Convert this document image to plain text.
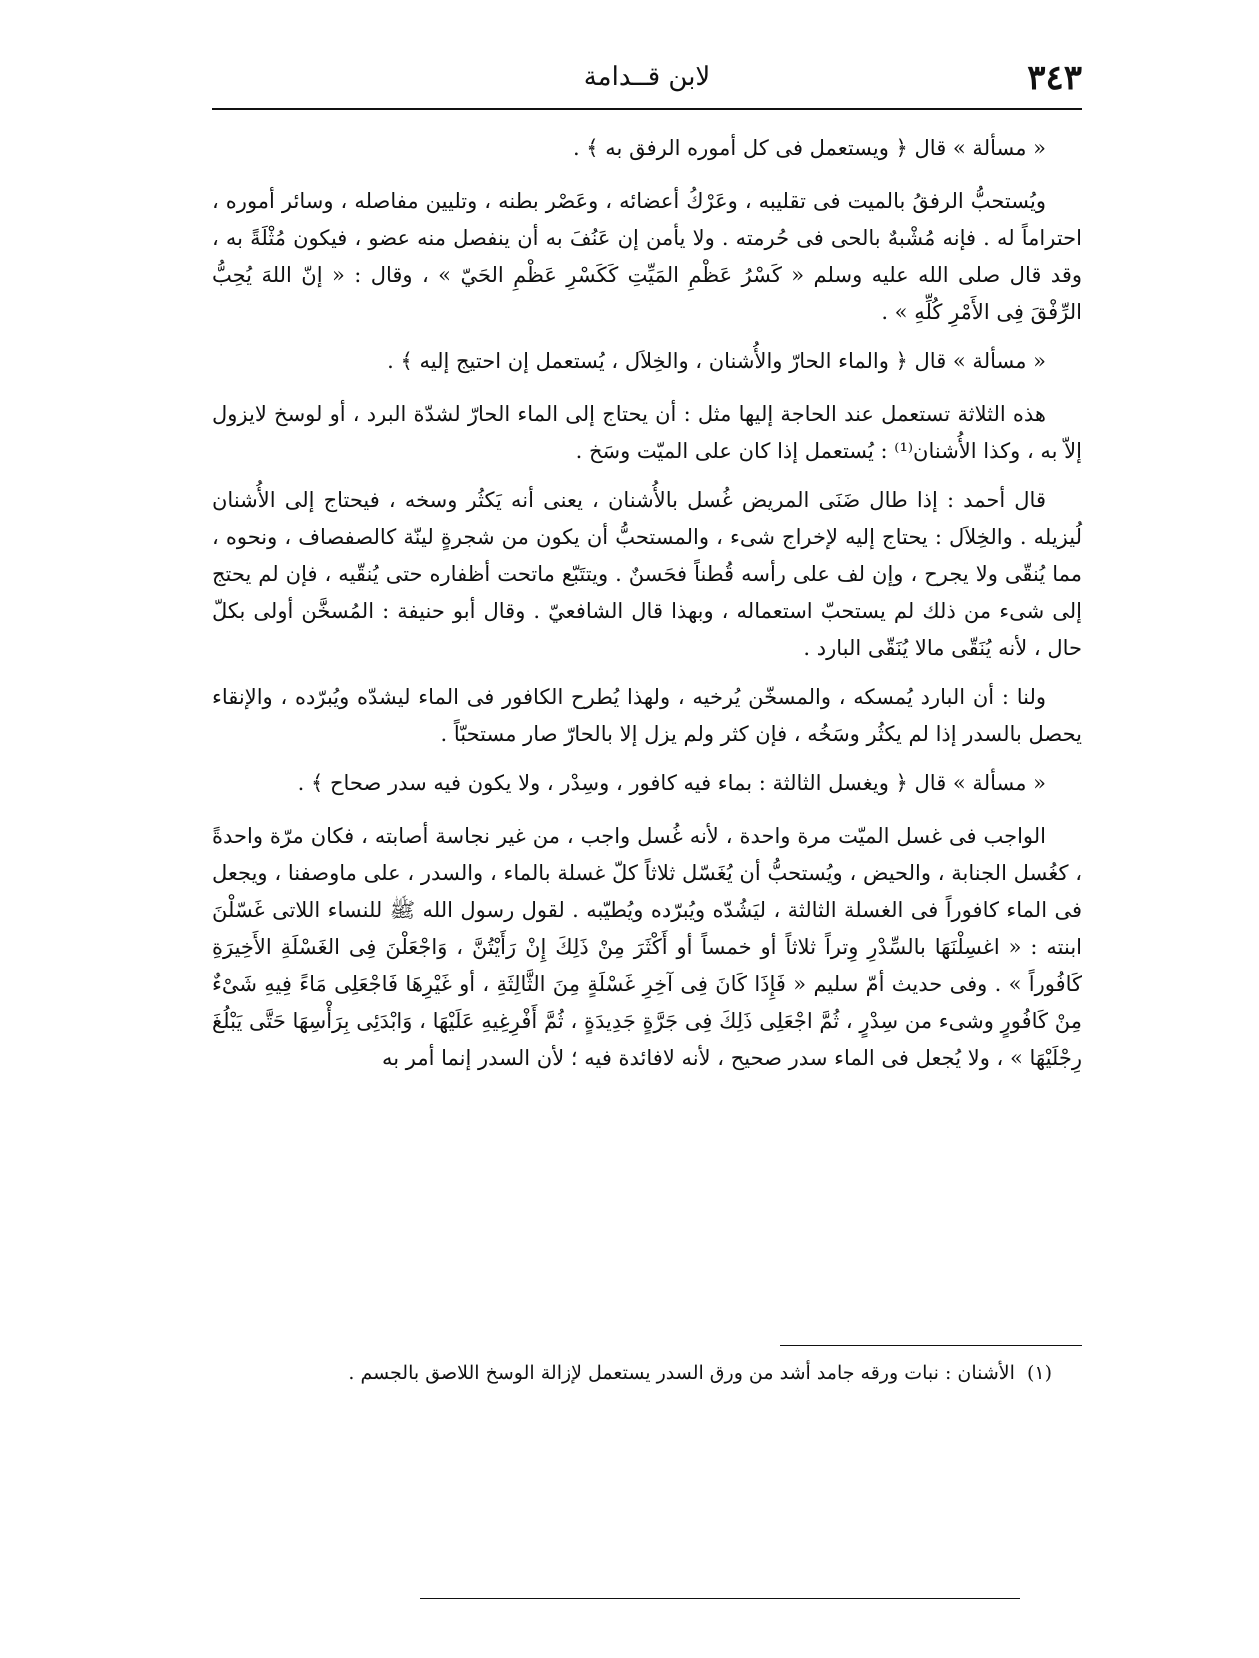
٣٤٣
لابن قــدامة

« مسألة » قال ﴿ ويستعمل فى كل أموره الرفق به ﴾ .

ويُستحبُّ الرفقُ بالميت فى تقليبه ، وعَرْكُ أعضائه ، وعَصْر بطنه ، وتليين مفاصله ، وسائر أموره ، احتراماً له . فإنه مُشْبهٌ بالحى فى حُرمته . ولا يأمن إن عَنُفَ به أن ينفصل منه عضو ، فيكون مُثْلَةً به ، وقد قال صلى الله عليه وسلم « كَسْرُ عَظْمِ المَيِّتِ كَكَسْرِ عَظْمِ الحَيّ » ، وقال : « إنّ اللهَ يُحِبُّ الرِّفْقَ فِى الأَمْرِ كُلِّهِ » .

« مسألة » قال ﴿ والماء الحارّ والأُشنان ، والخِلاَل ، يُستعمل إن احتيج إليه ﴾ .

هذه الثلاثة تستعمل عند الحاجة إليها مثل : أن يحتاج إلى الماء الحارّ لشدّة البرد ، أو لوسخ لايزول إلاّ به ، وكذا الأُشنان⁽¹⁾ : يُستعمل إذا كان على الميّت وسَخ .

قال أحمد : إذا طال ضَنَى المريض غُسل بالأُشنان ، يعنى أنه يَكثُر وسخه ، فيحتاج إلى الأُشنان لُيزيله . والخِلاَل : يحتاج إليه لإخراج شىء ، والمستحبُّ أن يكون من شجرةٍ لينّة كالصفصاف ، ونحوه ، مما يُنقّى ولا يجرح ، وإن لف على رأسه قُطناً فحَسنٌ . ويتتَبّع ماتحت أظفاره حتى يُنقّيه ، فإن لم يحتج إلى شىء من ذلك لم يستحبّ استعماله ، وبهذا قال الشافعيّ . وقال أبو حنيفة : المُسخَّن أولى بكلّ حال ، لأنه يُنَقّى مالا يُنَقّى البارد .

ولنا : أن البارد يُمسكه ، والمسخّن يُرخيه ، ولهذا يُطرح الكافور فى الماء ليشدّه ويُبرّده ، والإنقاء يحصل بالسدر إذا لم يكثُر وسَخُه ، فإن كثر ولم يزل إلا بالحارّ صار مستحبّاً .

« مسألة » قال ﴿ ويغسل الثالثة : بماء فيه كافور ، وسِدْر ، ولا يكون فيه سدر صحاح ﴾ .

الواجب فى غسل الميّت مرة واحدة ، لأنه غُسل واجب ، من غير نجاسة أصابته ، فكان مرّة واحدةً ، كغُسل الجنابة ، والحيض ، ويُستحبُّ أن يُغَسّل ثلاثاً كلّ غسلة بالماء ، والسدر ، على ماوصفنا ، ويجعل فى الماء كافوراً فى الغسلة الثالثة ، ليَشُدّه ويُبرّده ويُطيّبه . لقول رسول الله ﷺ للنساء اللاتى غَسّلْنَ ابنته : « اغسِلْنَهَا بالسِّدْرِ وِتراً ثلاثاً أو خمساً أو أَكْثَرَ مِنْ ذَلِكَ إِنْ رَأَيْتُنَّ ، وَاجْعَلْنَ فِى الغَسْلَةِ الأَخِيرَةِ كَافُوراً » . وفى حديث أمّ سليم « فَإِذَا كَانَ فِى آخِرِ غَسْلَةٍ مِنَ الثَّالِثَةِ ، أو غَيْرِهَا فَاجْعَلِى مَاءً فِيهِ شَىْءٌ مِنْ كَافُورٍ وشىء من سِدْرٍ ، ثُمَّ اجْعَلِى ذَلِكَ فِى جَرَّةٍ جَدِيدَةٍ ، ثُمَّ أَفْرِغِيهِ عَلَيْهَا ، وَابْدَئِى بِرَأْسِهَا حَتَّى يَبْلُغَ رِجْلَيْهَا » ، ولا يُجعل فى الماء سدر صحيح ، لأنه لافائدة فيه ؛ لأن السدر إنما أمر به

(١) الأشنان : نبات ورقه جامد أشد من ورق السدر يستعمل لإزالة الوسخ اللاصق بالجسم .
